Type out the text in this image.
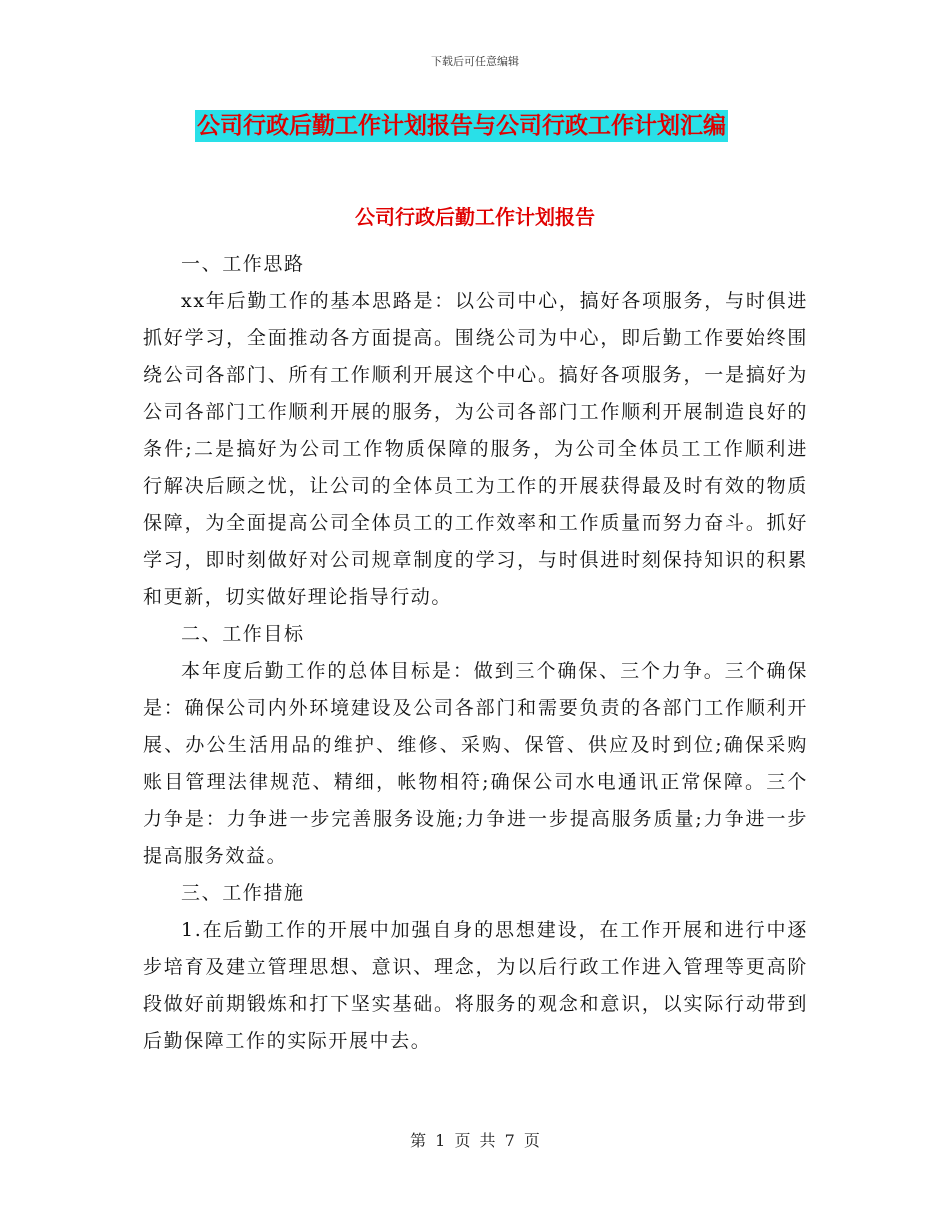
下载后可任意编辑
公司行政后勤工作计划报告与公司行政工作计划汇编
公司行政后勤工作计划报告

一、工作思路

xx年后勤工作的基本思路是：以公司中心，搞好各项服务，与时俱进抓好学习，全面推动各方面提高。围绕公司为中心，即后勤工作要始终围绕公司各部门、所有工作顺利开展这个中心。搞好各项服务，一是搞好为公司各部门工作顺利开展的服务，为公司各部门工作顺利开展制造良好的条件;二是搞好为公司工作物质保障的服务，为公司全体员工工作顺利进行解决后顾之忧，让公司的全体员工为工作的开展获得最及时有效的物质保障，为全面提高公司全体员工的工作效率和工作质量而努力奋斗。抓好学习，即时刻做好对公司规章制度的学习，与时俱进时刻保持知识的积累和更新，切实做好理论指导行动。

二、工作目标

本年度后勤工作的总体目标是：做到三个确保、三个力争。三个确保是：确保公司内外环境建设及公司各部门和需要负责的各部门工作顺利开展、办公生活用品的维护、维修、采购、保管、供应及时到位;确保采购账目管理法律规范、精细，帐物相符;确保公司水电通讯正常保障。三个力争是：力争进一步完善服务设施;力争进一步提高服务质量;力争进一步提高服务效益。

三、工作措施

1.在后勤工作的开展中加强自身的思想建设，在工作开展和进行中逐步培育及建立管理思想、意识、理念，为以后行政工作进入管理等更高阶段做好前期锻炼和打下坚实基础。将服务的观念和意识，以实际行动带到后勤保障工作的实际开展中去。

第 1 页 共 7 页
